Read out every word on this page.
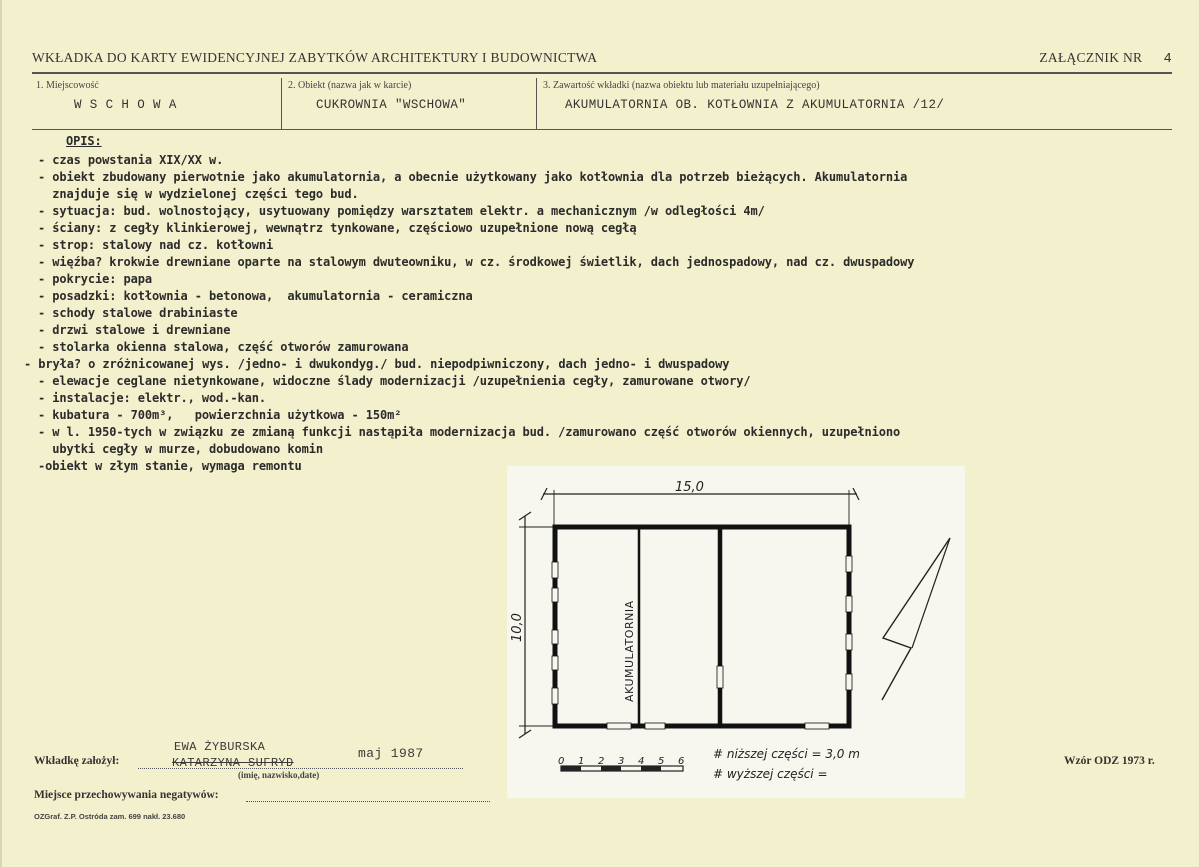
WKŁADKA DO KARTY EWIDENCYJNEJ ZABYTKÓW ARCHITEKTURY I BUDOWNICTWA	ZAŁĄCZNIK NR 4
1. Miejscowość
W S C H O W A
2. Obiekt (nazwa jak w karcie)
CUKROWNIA "WSCHOWA"
3. Zawartość wkładki (nazwa obiektu lub materiału uzupełniającego)
AKUMULATORNIA OB. KOTŁOWNIA Z AKUMULATORNIA /12/
OPIS:
- czas powstania XIX/XX w.
- obiekt zbudowany pierwotnie jako akumulatornia, a obecnie użytkowany jako kotłownia dla potrzeb bieżących. Akumulatornia
znajduje się w wydzielonej części tego bud.
- sytuacja: bud. wolnostojący, usytuowany pomiędzy warsztatem elektr. a mechanicznym /w odległości 4m/
- ściany: z cegły klinkierowej, wewnątrz tynkowane, częściowo uzupełnione nową cegłą
- strop: stalowy nad cz. kotłowni
- więźba? krokwie drewniane oparte na stalowym dwuteowniku, w cz. środkowej świetlik, dach jednospadowy, nad cz. dwuspadowy
- pokrycie: papa
- posadzki: kotłownia - betonowa,  akumulatornia - ceramiczna
- schody stalowe drabiniaste
- drzwi stalowe i drewniane
- stolarka okienna stalowa, część otworów zamurowana
- bryła? o zróżnicowanej wys. /jedno- i dwukondyg./ bud. niepodpiwniczony, dach jedno- i dwuspadowy
- elewacje ceglane nietynkowane, widoczne ślady modernizacji /uzupełnienia cegły, zamurowane otwory/
- instalacje: elektr., wod.-kan.
- kubatura - 700m³,   powierzchnia użytkowa - 150m²
- w l. 1950-tych w związku ze zmianą funkcji nastąpiła modernizacja bud. /zamurowano część otworów okiennych, uzupełniono
ubytki cegły w murze, dobudowano komin
-obiekt w złym stanie, wymaga remontu
15,0
10,0	AKUMULATORNIA
0 1 2 3 4 5 6
# niższej części = 3,0 m
# wyższej części =
Wkładkę założył:
EWA ŻYBURSKA
KATARZYNA SUFRYD
maj 1987
(imię, nazwisko,date)
Miejsce przechowywania negatywów:
Wzór ODZ 1973 r.
OZGraf. Z.P. Ostróda zam. 699 nakł. 23.680
